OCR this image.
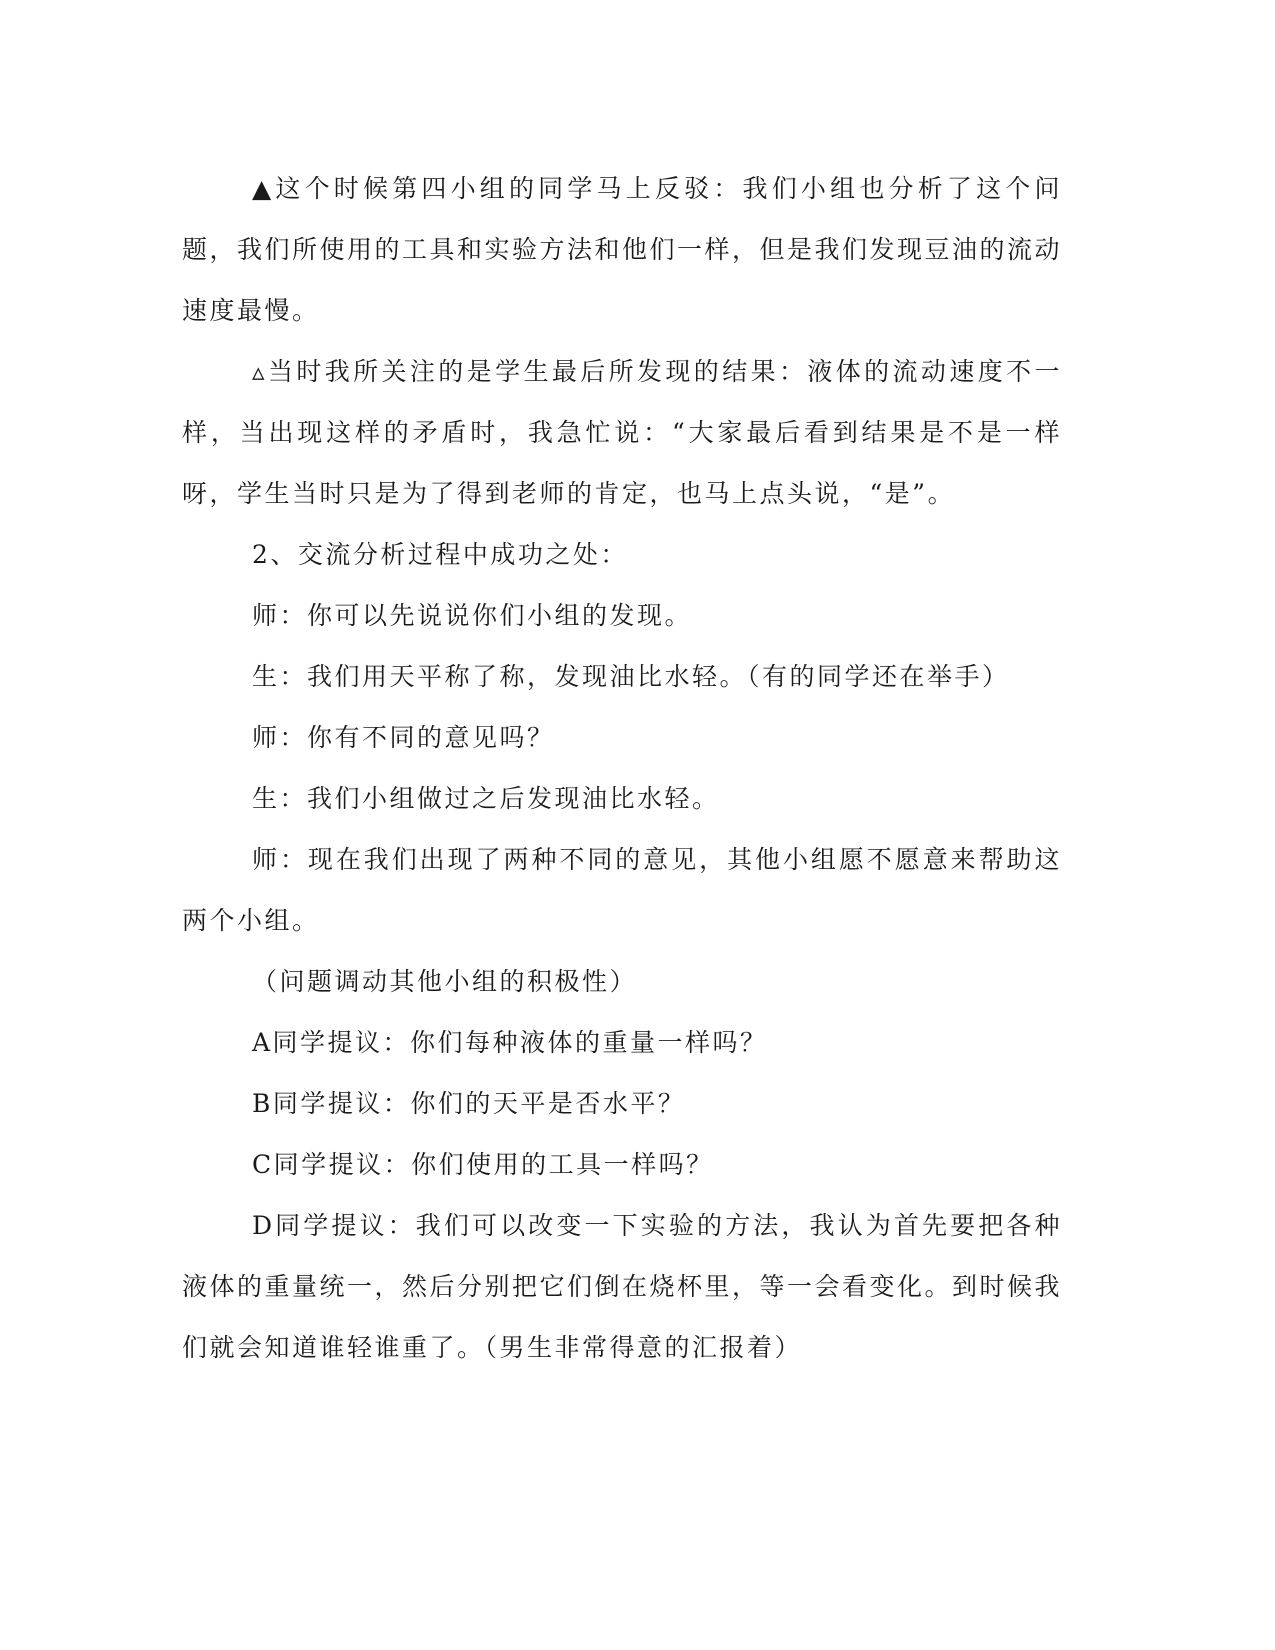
▲这个时候第四小组的同学马上反驳：我们小组也分析了这个问题，我们所使用的工具和实验方法和他们一样，但是我们发现豆油的流动速度最慢。

▵当时我所关注的是学生最后所发现的结果：液体的流动速度不一样，当出现这样的矛盾时，我急忙说：“大家最后看到结果是不是一样呀，学生当时只是为了得到老师的肯定，也马上点头说，“是”。

2、交流分析过程中成功之处：

师：你可以先说说你们小组的发现。

生：我们用天平称了称，发现油比水轻。（有的同学还在举手）

师：你有不同的意见吗？

生：我们小组做过之后发现油比水轻。

师：现在我们出现了两种不同的意见，其他小组愿不愿意来帮助这两个小组。

（问题调动其他小组的积极性）

A同学提议：你们每种液体的重量一样吗？

B同学提议：你们的天平是否水平？

C同学提议：你们使用的工具一样吗？

D同学提议：我们可以改变一下实验的方法，我认为首先要把各种液体的重量统一，然后分别把它们倒在烧杯里，等一会看变化。到时候我们就会知道谁轻谁重了。（男生非常得意的汇报着）
